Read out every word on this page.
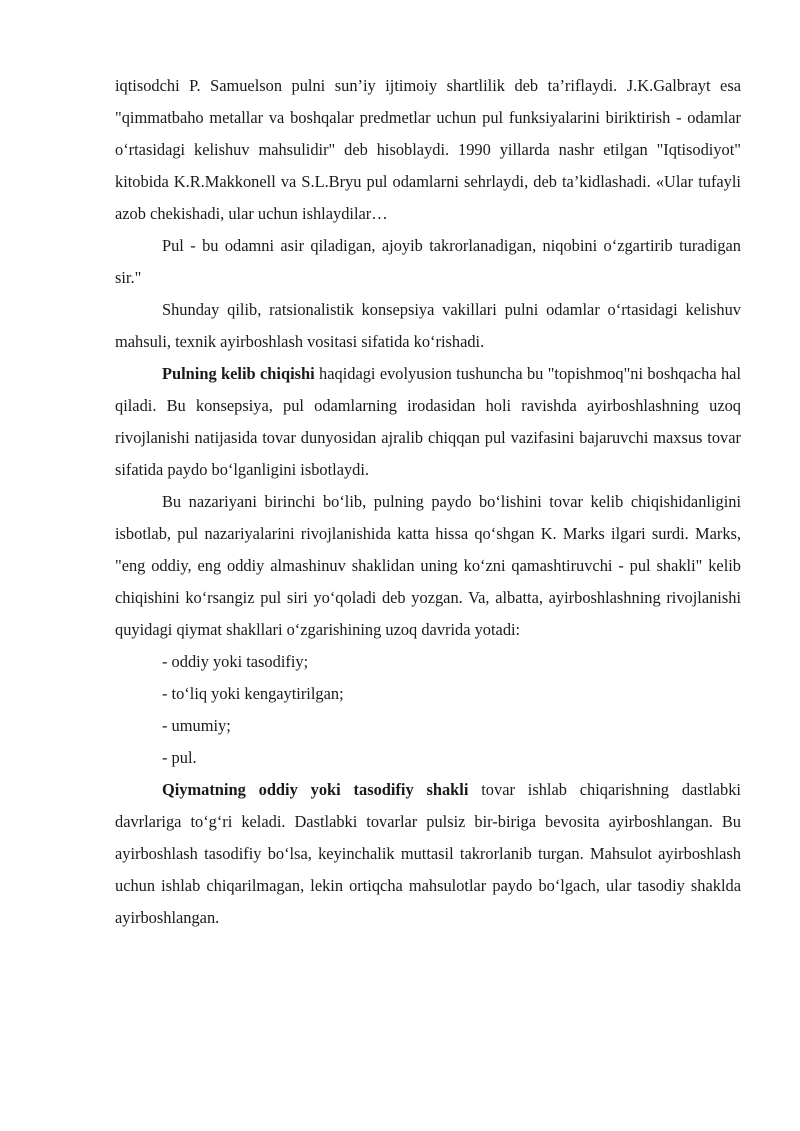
iqtisodchi P. Samuelson pulni sun’iy ijtimoiy shartlilik deb ta’riflaydi. J.K.Galbrayt esa "qimmatbaho metallar va boshqalar predmetlar uchun pul funksiyalarini biriktirish - odamlar o‘rtasidagi kelishuv mahsulidir" deb hisoblaydi. 1990 yillarda nashr etilgan "Iqtisodiyot" kitobida K.R.Makkonell va S.L.Bryu pul odamlarni sehrlaydi, deb ta’kidlashadi. «Ular tufayli azob chekishadi, ular uchun ishlaydilar…

Pul - bu odamni asir qiladigan, ajoyib takrorlanadigan, niqobini o‘zgartirib turadigan sir."

Shunday qilib, ratsionalistik konsepsiya vakillari pulni odamlar o‘rtasidagi kelishuv mahsuli, texnik ayirboshlash vositasi sifatida ko‘rishadi.

Pulning kelib chiqishi haqidagi evolyusion tushuncha bu "topishmoq"ni boshqacha hal qiladi. Bu konsepsiya, pul odamlarning irodasidan holi ravishda ayirboshlashning uzoq rivojlanishi natijasida tovar dunyosidan ajralib chiqqan pul vazifasini bajaruvchi maxsus tovar sifatida paydo bo‘lganligini isbotlaydi.

Bu nazariyani birinchi bo‘lib, pulning paydo bo‘lishini tovar kelib chiqishidanligini isbotlab, pul nazariyalarini rivojlanishida katta hissa qo‘shgan K. Marks ilgari surdi. Marks, "eng oddiy, eng oddiy almashinuv shaklidan uning ko‘zni qamashtiruvchi - pul shakli" kelib chiqishini ko‘rsangiz pul siri yo‘qoladi deb yozgan. Va, albatta, ayirboshlashning rivojlanishi quyidagi qiymat shakllari o‘zgarishining uzoq davrida yotadi:

- oddiy yoki tasodifiy;

- to‘liq yoki kengaytirilgan;

- umumiy;

- pul.

Qiymatning oddiy yoki tasodifiy shakli tovar ishlab chiqarishning dastlabki davrlariga to‘g‘ri keladi. Dastlabki tovarlar pulsiz bir-biriga bevosita ayirboshlangan. Bu ayirboshlash tasodifiy bo‘lsa, keyinchalik muttasil takrorlanib turgan. Mahsulot ayirboshlash uchun ishlab chiqarilmagan, lekin ortiqcha mahsulotlar paydo bo‘lgach, ular tasodiy shaklda ayirboshlangan.
